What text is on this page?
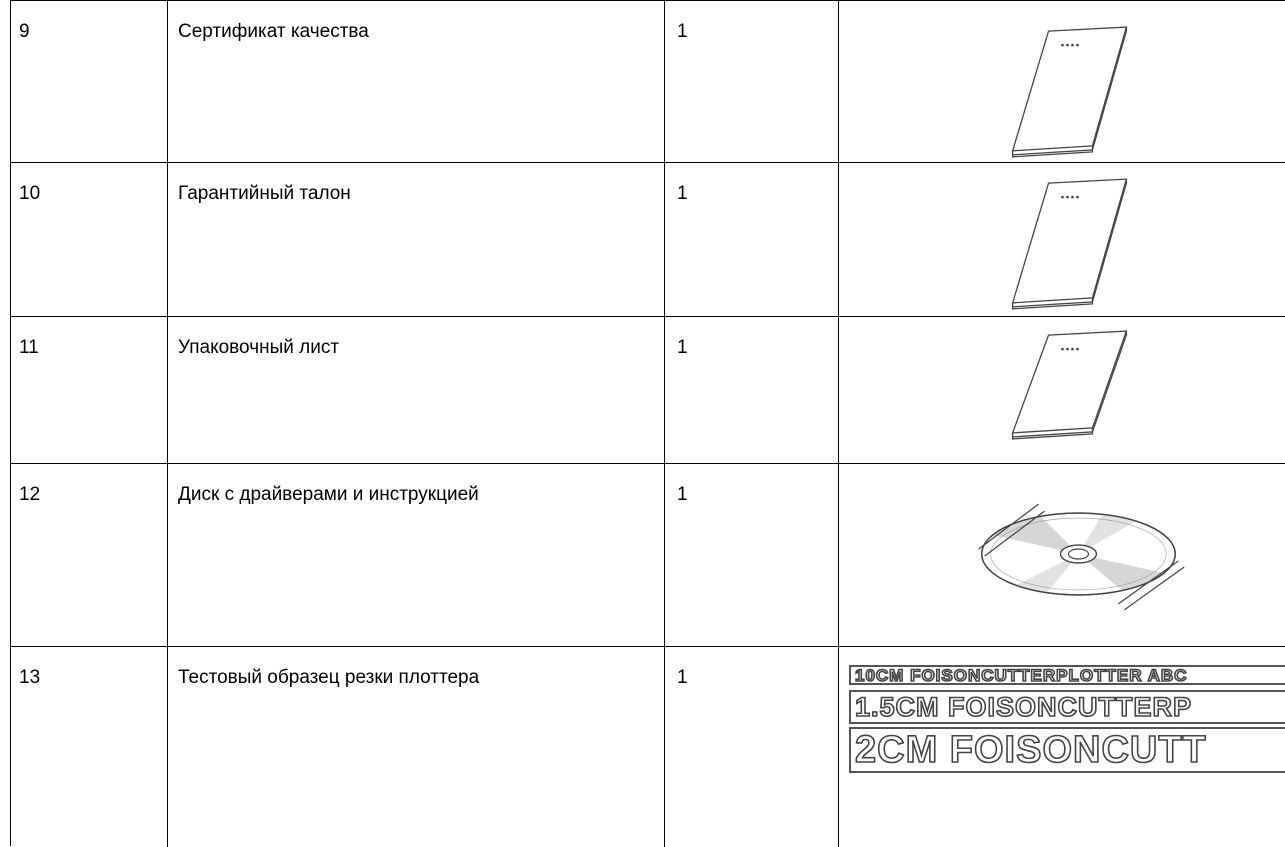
9	Сертификат качества	1
10	Гарантийный талон	1
11	Упаковочный лист	1
12	Диск с драйверами и инструкцией	1
13	Тестовый образец резки плоттера	1	10CM FOISONCUTTERPLOTTER ABC
1.5CM FOISONCUTTERP
2CM FOISONCUTT
